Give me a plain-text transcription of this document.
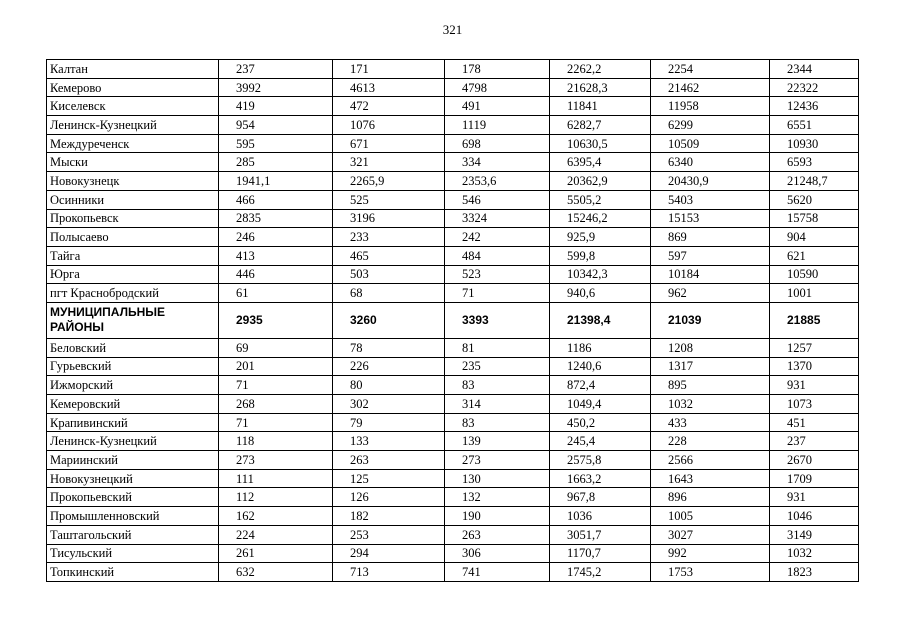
321
Калтан	237	171	178	2262,2	2254	2344
Кемерово	3992	4613	4798	21628,3	21462	22322
Киселевск	419	472	491	11841	11958	12436
Ленинск-Кузнецкий	954	1076	1119	6282,7	6299	6551
Междуреченск	595	671	698	10630,5	10509	10930
Мыски	285	321	334	6395,4	6340	6593
Новокузнецк	1941,1	2265,9	2353,6	20362,9	20430,9	21248,7
Осинники	466	525	546	5505,2	5403	5620
Прокопьевск	2835	3196	3324	15246,2	15153	15758
Полысаево	246	233	242	925,9	869	904
Тайга	413	465	484	599,8	597	621
Юрга	446	503	523	10342,3	10184	10590
пгт Краснобродский	61	68	71	940,6	962	1001
МУНИЦИПАЛЬНЫЕ РАЙОНЫ	2935	3260	3393	21398,4	21039	21885
Беловский	69	78	81	1186	1208	1257
Гурьевский	201	226	235	1240,6	1317	1370
Ижморский	71	80	83	872,4	895	931
Кемеровский	268	302	314	1049,4	1032	1073
Крапивинский	71	79	83	450,2	433	451
Ленинск-Кузнецкий	118	133	139	245,4	228	237
Мариинский	273	263	273	2575,8	2566	2670
Новокузнецкий	111	125	130	1663,2	1643	1709
Прокопьевский	112	126	132	967,8	896	931
Промышленновский	162	182	190	1036	1005	1046
Таштагольский	224	253	263	3051,7	3027	3149
Тисульский	261	294	306	1170,7	992	1032
Топкинский	632	713	741	1745,2	1753	1823
